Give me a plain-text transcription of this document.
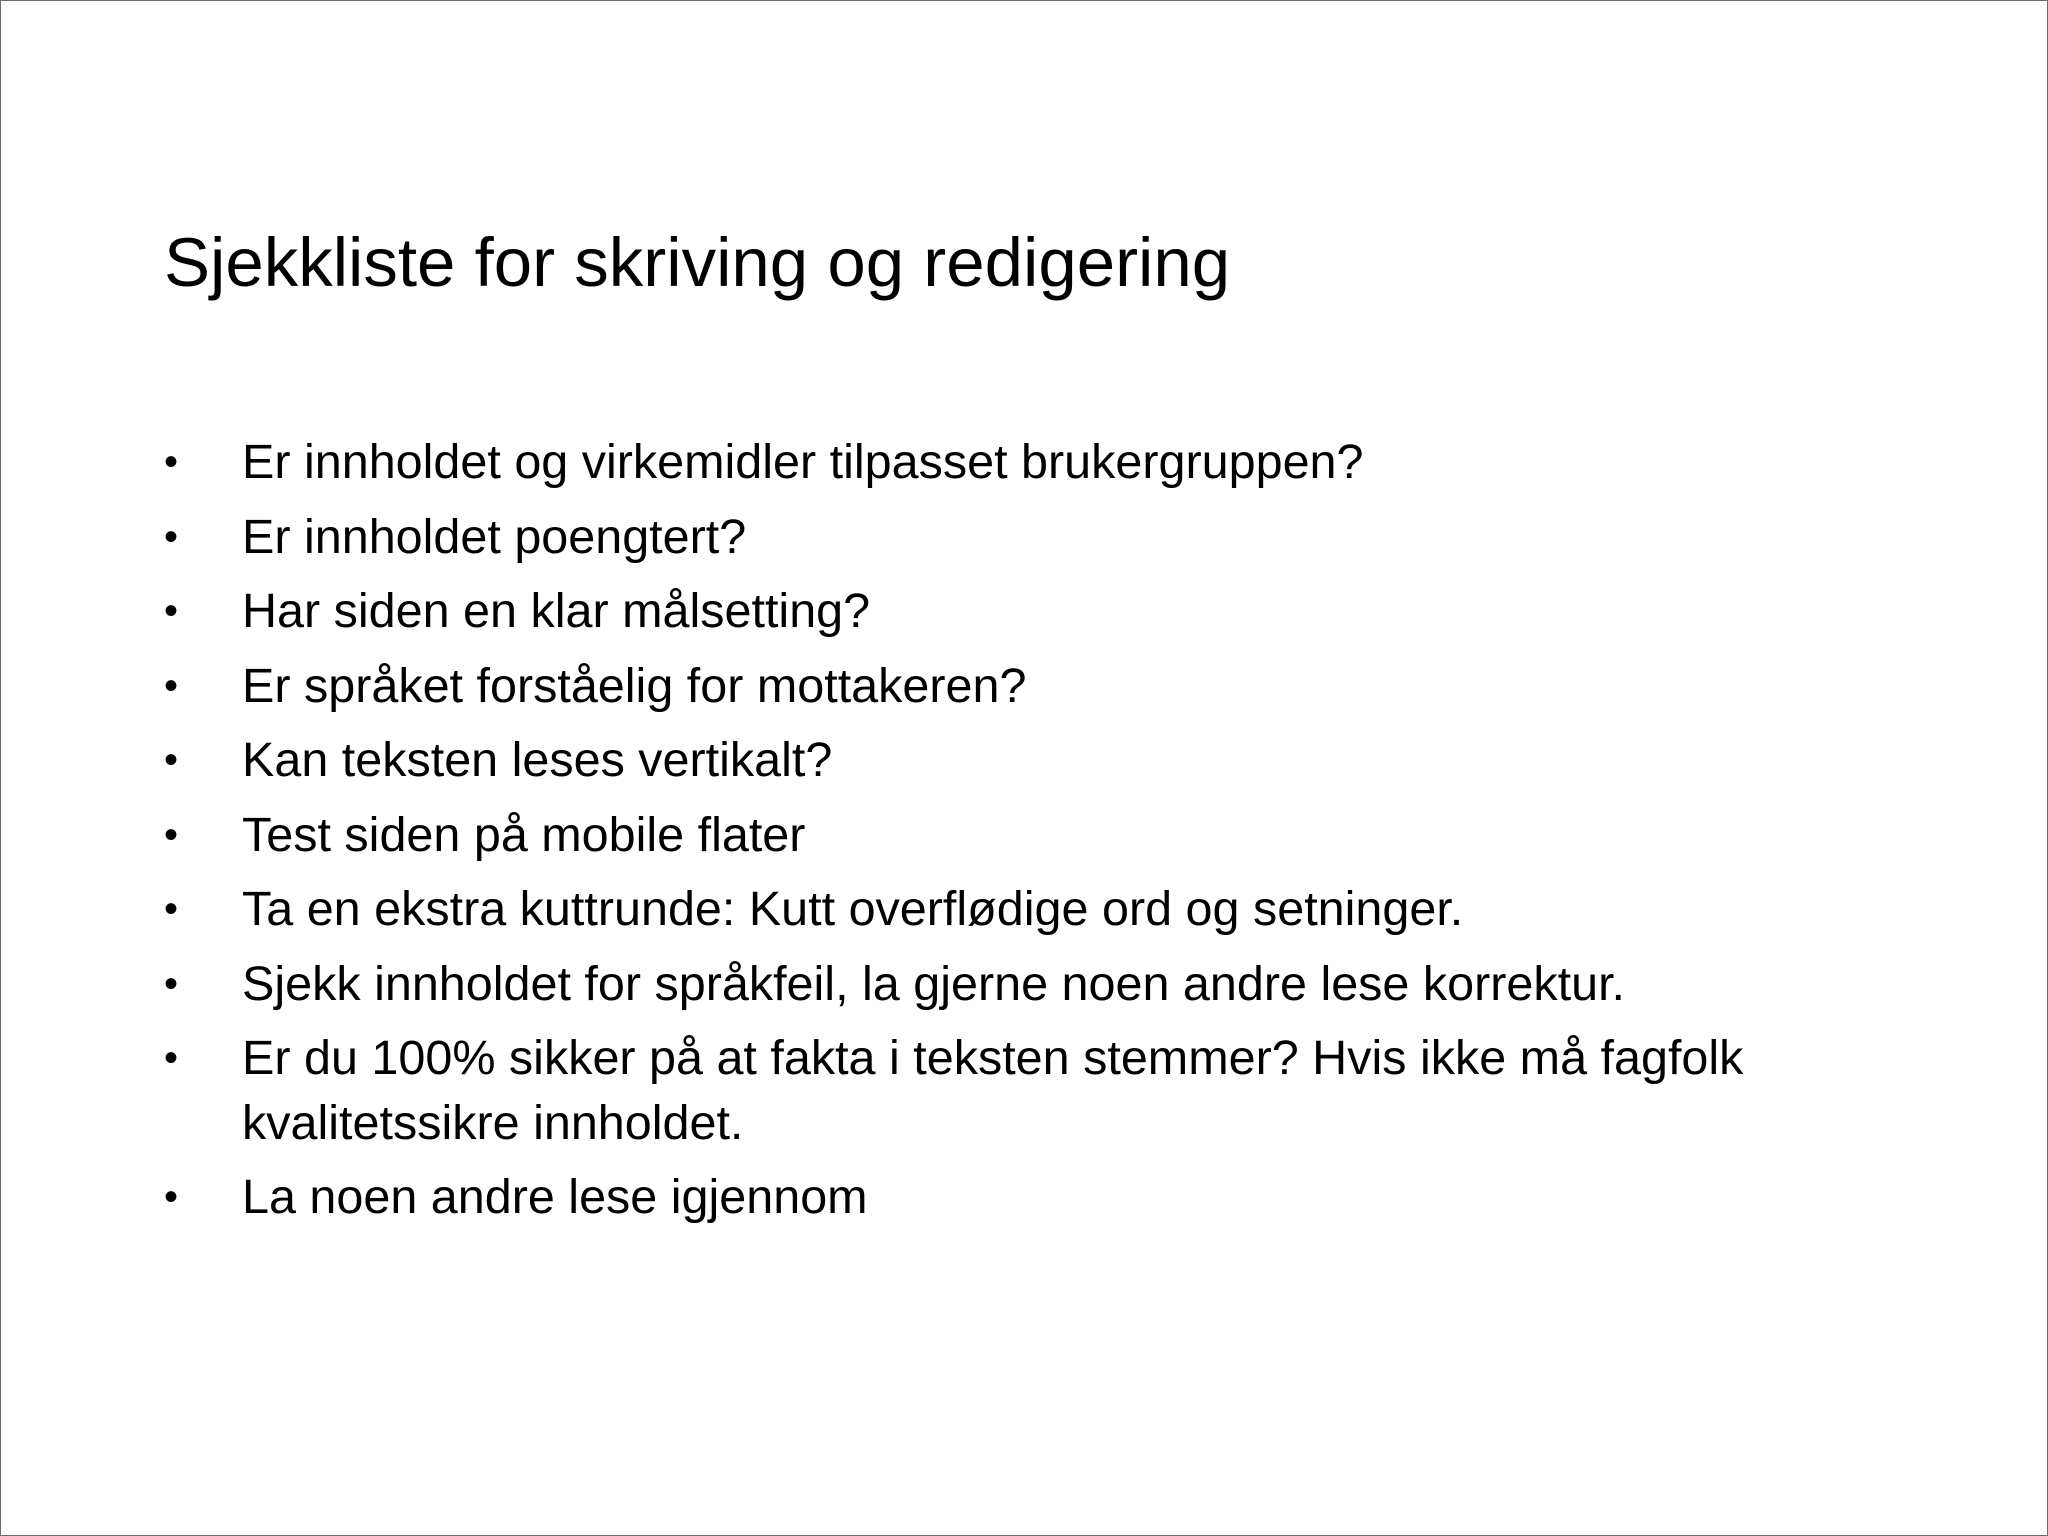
Sjekkliste for skriving og redigering
•	Er innholdet og virkemidler tilpasset brukergruppen?
•	Er innholdet poengtert?
•	Har siden en klar målsetting?
•	Er språket forståelig for mottakeren?
•	Kan teksten leses vertikalt?
•	Test siden på mobile flater
•	Ta en ekstra kuttrunde: Kutt overflødige ord og setninger.
•	Sjekk innholdet for språkfeil, la gjerne noen andre lese korrektur.
•	Er du 100% sikker på at fakta i teksten stemmer? Hvis ikke må fagfolk kvalitetssikre innholdet.
•	La noen andre lese igjennom
